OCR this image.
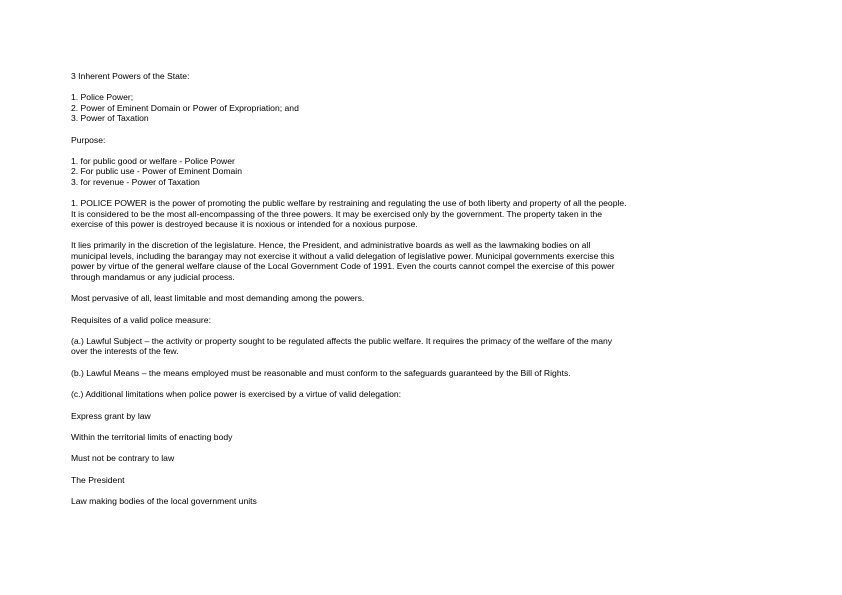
3 Inherent Powers of the State:

1. Police Power;
2. Power of Eminent Domain or Power of Expropriation; and
3. Power of Taxation

Purpose:

1. for public good or welfare - Police Power
2. For public use - Power of Eminent Domain
3. for revenue - Power of Taxation
1. POLICE POWER is the power of promoting the public welfare by restraining and regulating the use of both liberty and property of all the people.
It is considered to be the most all-encompassing of the three powers. It may be exercised only by the government. The property taken in the
exercise of this power is destroyed because it is noxious or intended for a noxious purpose.
It lies primarily in the discretion of the legislature. Hence, the President, and administrative boards as well as the lawmaking bodies on all
municipal levels, including the barangay may not exercise it without a valid delegation of legislative power. Municipal governments exercise this
power by virtue of the general welfare clause of the Local Government Code of 1991. Even the courts cannot compel the exercise of this power
through mandamus or any judicial process.

Most pervasive of all, least limitable and most demanding among the powers.

Requisites of a valid police measure:

(a.) Lawful Subject – the activity or property sought to be regulated affects the public welfare. It requires the primacy of the welfare of the many
over the interests of the few.

(b.) Lawful Means – the means employed must be reasonable and must conform to the safeguards guaranteed by the Bill of Rights.

(c.) Additional limitations when police power is exercised by a virtue of valid delegation:

Express grant by law

Within the territorial limits of enacting body

Must not be contrary to law

The President

Law making bodies of the local government units
